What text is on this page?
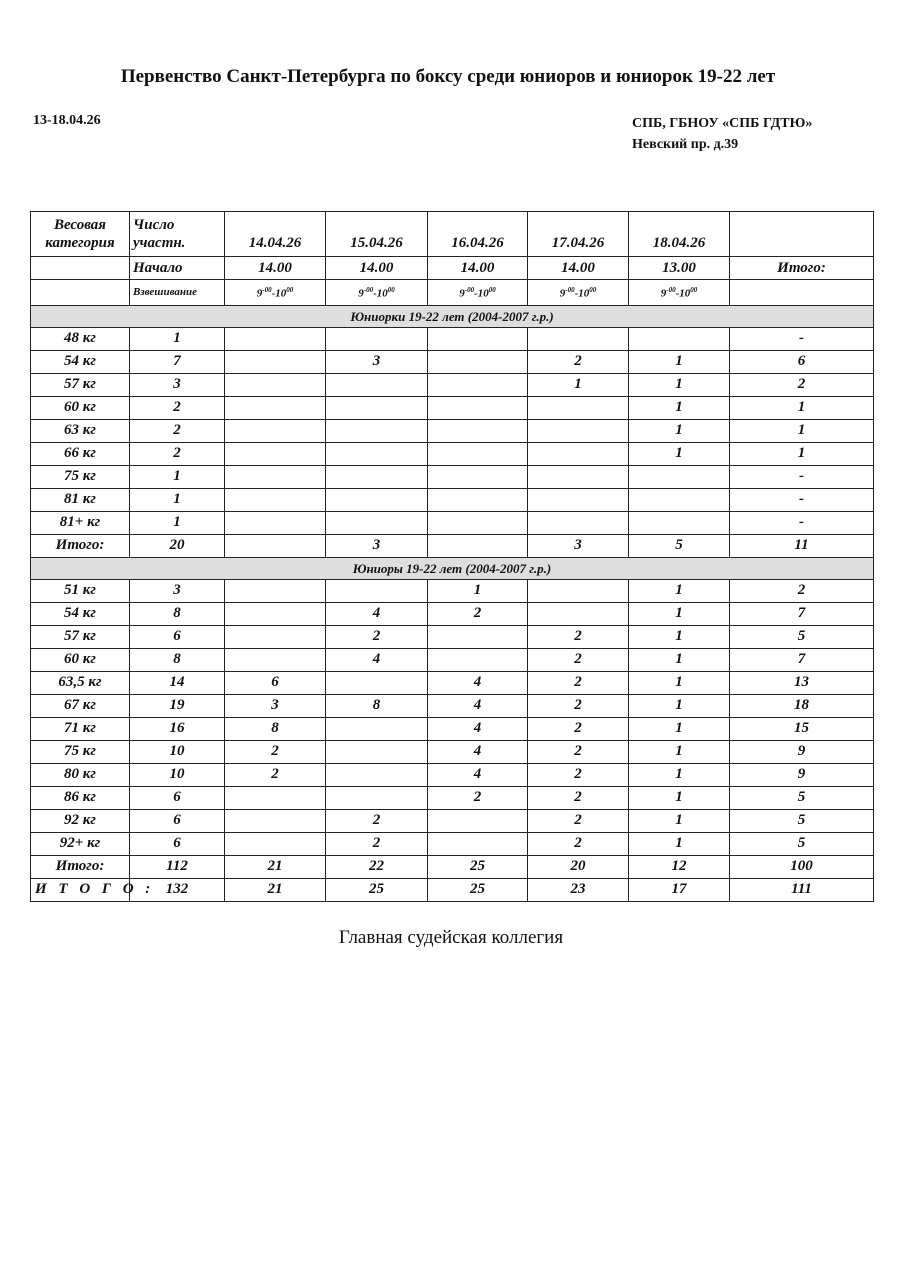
Первенство Санкт-Петербурга по боксу среди юниоров и юниорок 19-22 лет
13-18.04.26	СПБ, ГБНОУ «СПБ ГДТЮ»
Невский пр. д.39
Весовая
категория	Число
участн.	14.04.26	15.04.26	16.04.26	17.04.26	18.04.26	
	Начало	14.00	14.00	14.00	14.00	13.00	Итого:
	Взвешивание	$9^{-00}-10^{00}$	$9^{-00}-10^{00}$	$9^{-00}-10^{00}$	$9^{-00}-10^{00}$	$9^{-00}-10^{00}$	
Юниорки 19-22 лет (2004-2007 г.р.)							
48 кг	1						-
54 кг	7		3		2	1	6
57 кг	3				1	1	2
60 кг	2					1	1
63 кг	2					1	1
66 кг	2					1	1
75 кг	1						-
81 кг	1						-
81+ кг	1						-
Итого:	20		3		3	5	11
Юниоры 19-22 лет (2004-2007 г.р.)							
51 кг	3			1		1	2
54 кг	8		4	2		1	7
57 кг	6		2		2	1	5
60 кг	8		4		2	1	7
63,5 кг	14	6		4	2	1	13
67 кг	19	3	8	4	2	1	18
71 кг	16	8		4	2	1	15
75 кг	10	2		4	2	1	9
80 кг	10	2		4	2	1	9
86 кг	6			2	2	1	5
92 кг	6		2		2	1	5
92+ кг	6		2		2	1	5
Итого:	112	21	22	25	20	12	100
И Т О Г О :	132	21	25	25	23	17	111
Главная судейская коллегия
